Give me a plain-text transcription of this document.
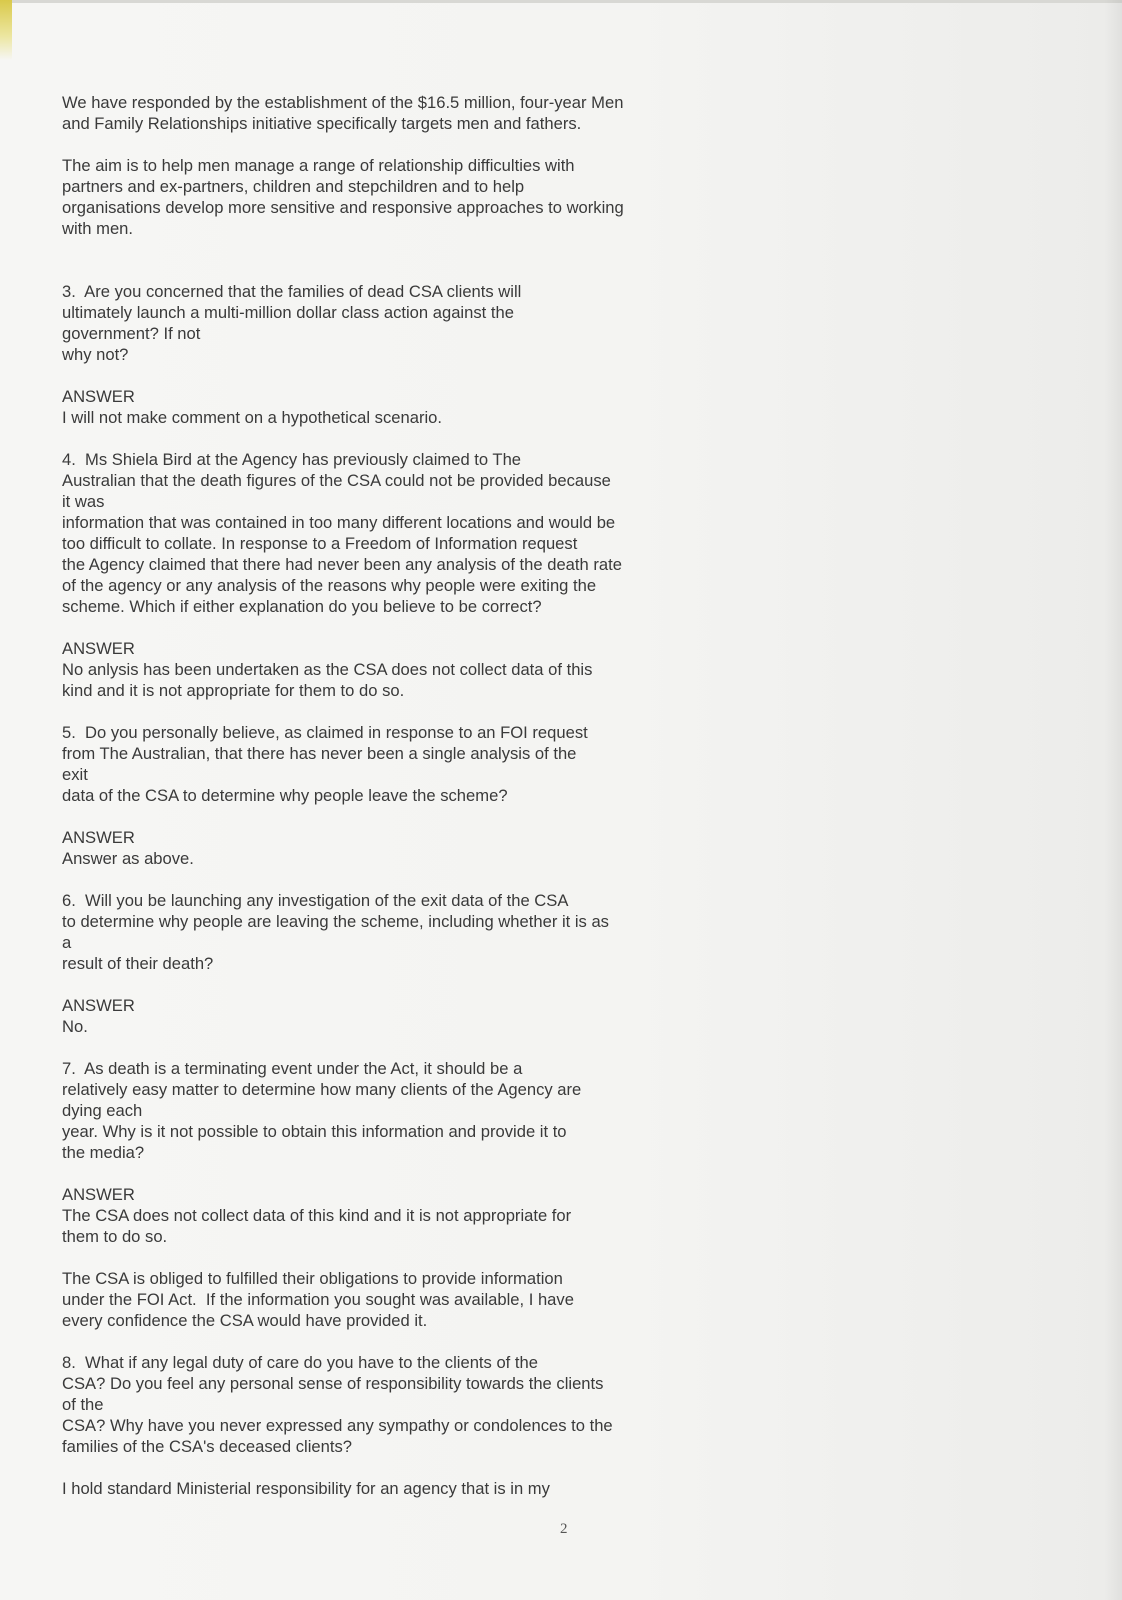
We have responded by the establishment of the $16.5 million, four-year Men
and Family Relationships initiative specifically targets men and fathers.
The aim is to help men manage a range of relationship difficulties with
partners and ex-partners, children and stepchildren and to help
organisations develop more sensitive and responsive approaches to working
with men.
3.  Are you concerned that the families of dead CSA clients will
ultimately launch a multi-million dollar class action against the
government? If not
why not?
ANSWER
I will not make comment on a hypothetical scenario.
4.  Ms Shiela Bird at the Agency has previously claimed to The
Australian that the death figures of the CSA could not be provided because
it was
information that was contained in too many different locations and would be
too difficult to collate. In response to a Freedom of Information request
the Agency claimed that there had never been any analysis of the death rate
of the agency or any analysis of the reasons why people were exiting the
scheme. Which if either explanation do you believe to be correct?
ANSWER
No anlysis has been undertaken as the CSA does not collect data of this
kind and it is not appropriate for them to do so.
5.  Do you personally believe, as claimed in response to an FOI request
from The Australian, that there has never been a single analysis of the
exit
data of the CSA to determine why people leave the scheme?
ANSWER
Answer as above.
6.  Will you be launching any investigation of the exit data of the CSA
to determine why people are leaving the scheme, including whether it is as
a
result of their death?
ANSWER
No.
7.  As death is a terminating event under the Act, it should be a
relatively easy matter to determine how many clients of the Agency are
dying each
year. Why is it not possible to obtain this information and provide it to
the media?
ANSWER
The CSA does not collect data of this kind and it is not appropriate for
them to do so.
The CSA is obliged to fulfilled their obligations to provide information
under the FOI Act.  If the information you sought was available, I have
every confidence the CSA would have provided it.
8.  What if any legal duty of care do you have to the clients of the
CSA? Do you feel any personal sense of responsibility towards the clients
of the
CSA? Why have you never expressed any sympathy or condolences to the
families of the CSA's deceased clients?
I hold standard Ministerial responsibility for an agency that is in my
2
